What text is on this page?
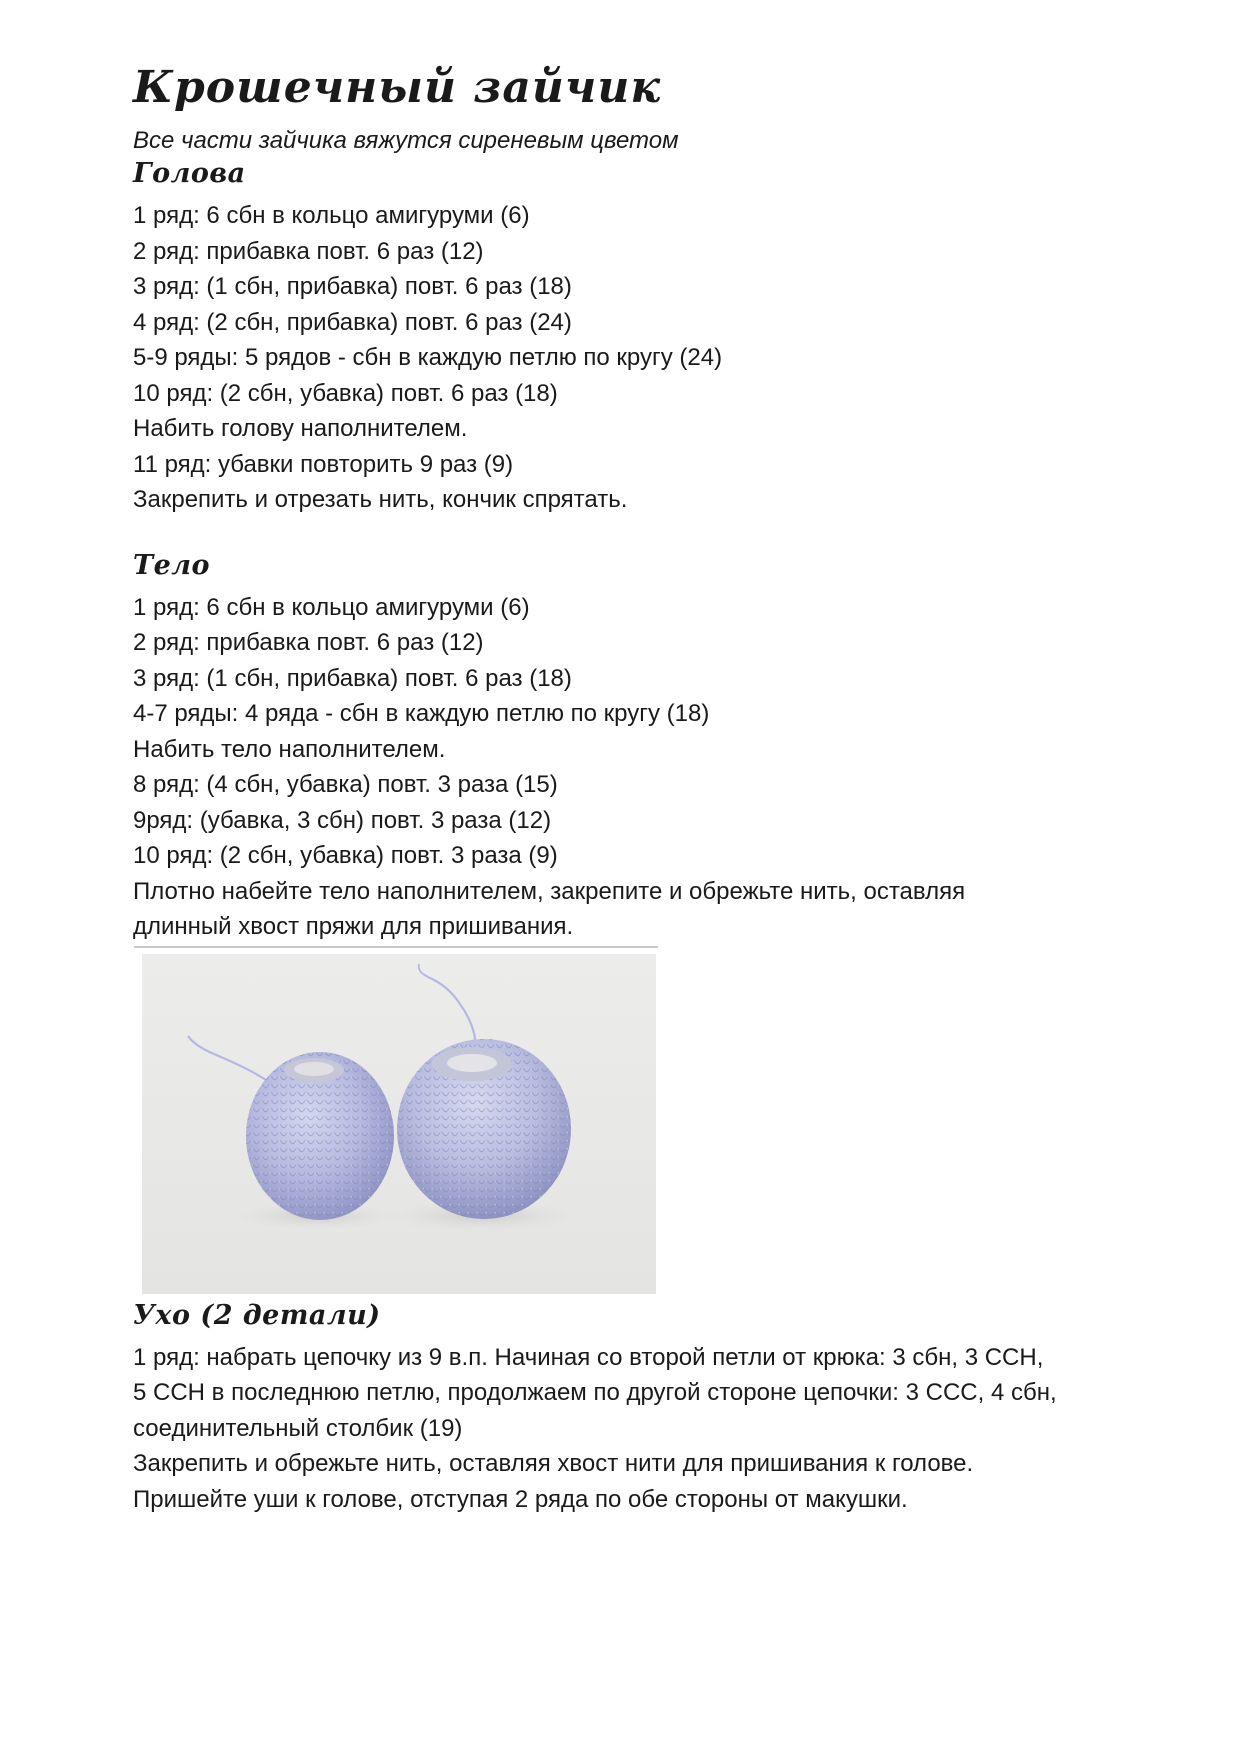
Крошечный зайчик

Все части зайчика вяжутся сиреневым цветом

Голова

1 ряд: 6 сбн в кольцо амигуруми (6)

2 ряд: прибавка повт. 6 раз (12)

3 ряд: (1 сбн, прибавка) повт. 6 раз (18)

4 ряд: (2 сбн, прибавка) повт. 6 раз (24)

5-9 ряды: 5 рядов - сбн в каждую петлю по кругу (24)

10 ряд: (2 сбн, убавка) повт. 6 раз (18)

Набить голову наполнителем.

11 ряд: убавки повторить 9 раз (9)

Закрепить и отрезать нить, кончик спрятать.

Тело

1 ряд: 6 сбн в кольцо амигуруми (6)

2 ряд: прибавка повт. 6 раз (12)

3 ряд: (1 сбн, прибавка) повт. 6 раз (18)

4-7 ряды: 4 ряда - сбн в каждую петлю по кругу (18)

Набить тело наполнителем.

8 ряд: (4 сбн, убавка) повт. 3 раза (15)

9ряд: (убавка, 3 сбн) повт. 3 раза (12)

10 ряд: (2 сбн, убавка) повт. 3 раза (9)

Плотно набейте тело наполнителем, закрепите и обрежьте нить, оставляя

длинный хвост пряжи для пришивания.

Ухо (2 детали)

1 ряд: набрать цепочку из 9 в.п. Начиная со второй петли от крюка: 3 сбн, 3 ССН,

5 ССН в последнюю петлю, продолжаем по другой стороне цепочки: 3 ССС, 4 сбн,

соединительный столбик (19)

Закрепить и обрежьте нить, оставляя хвост нити для пришивания к голове.

Пришейте уши к голове, отступая 2 ряда по обе стороны от макушки.
